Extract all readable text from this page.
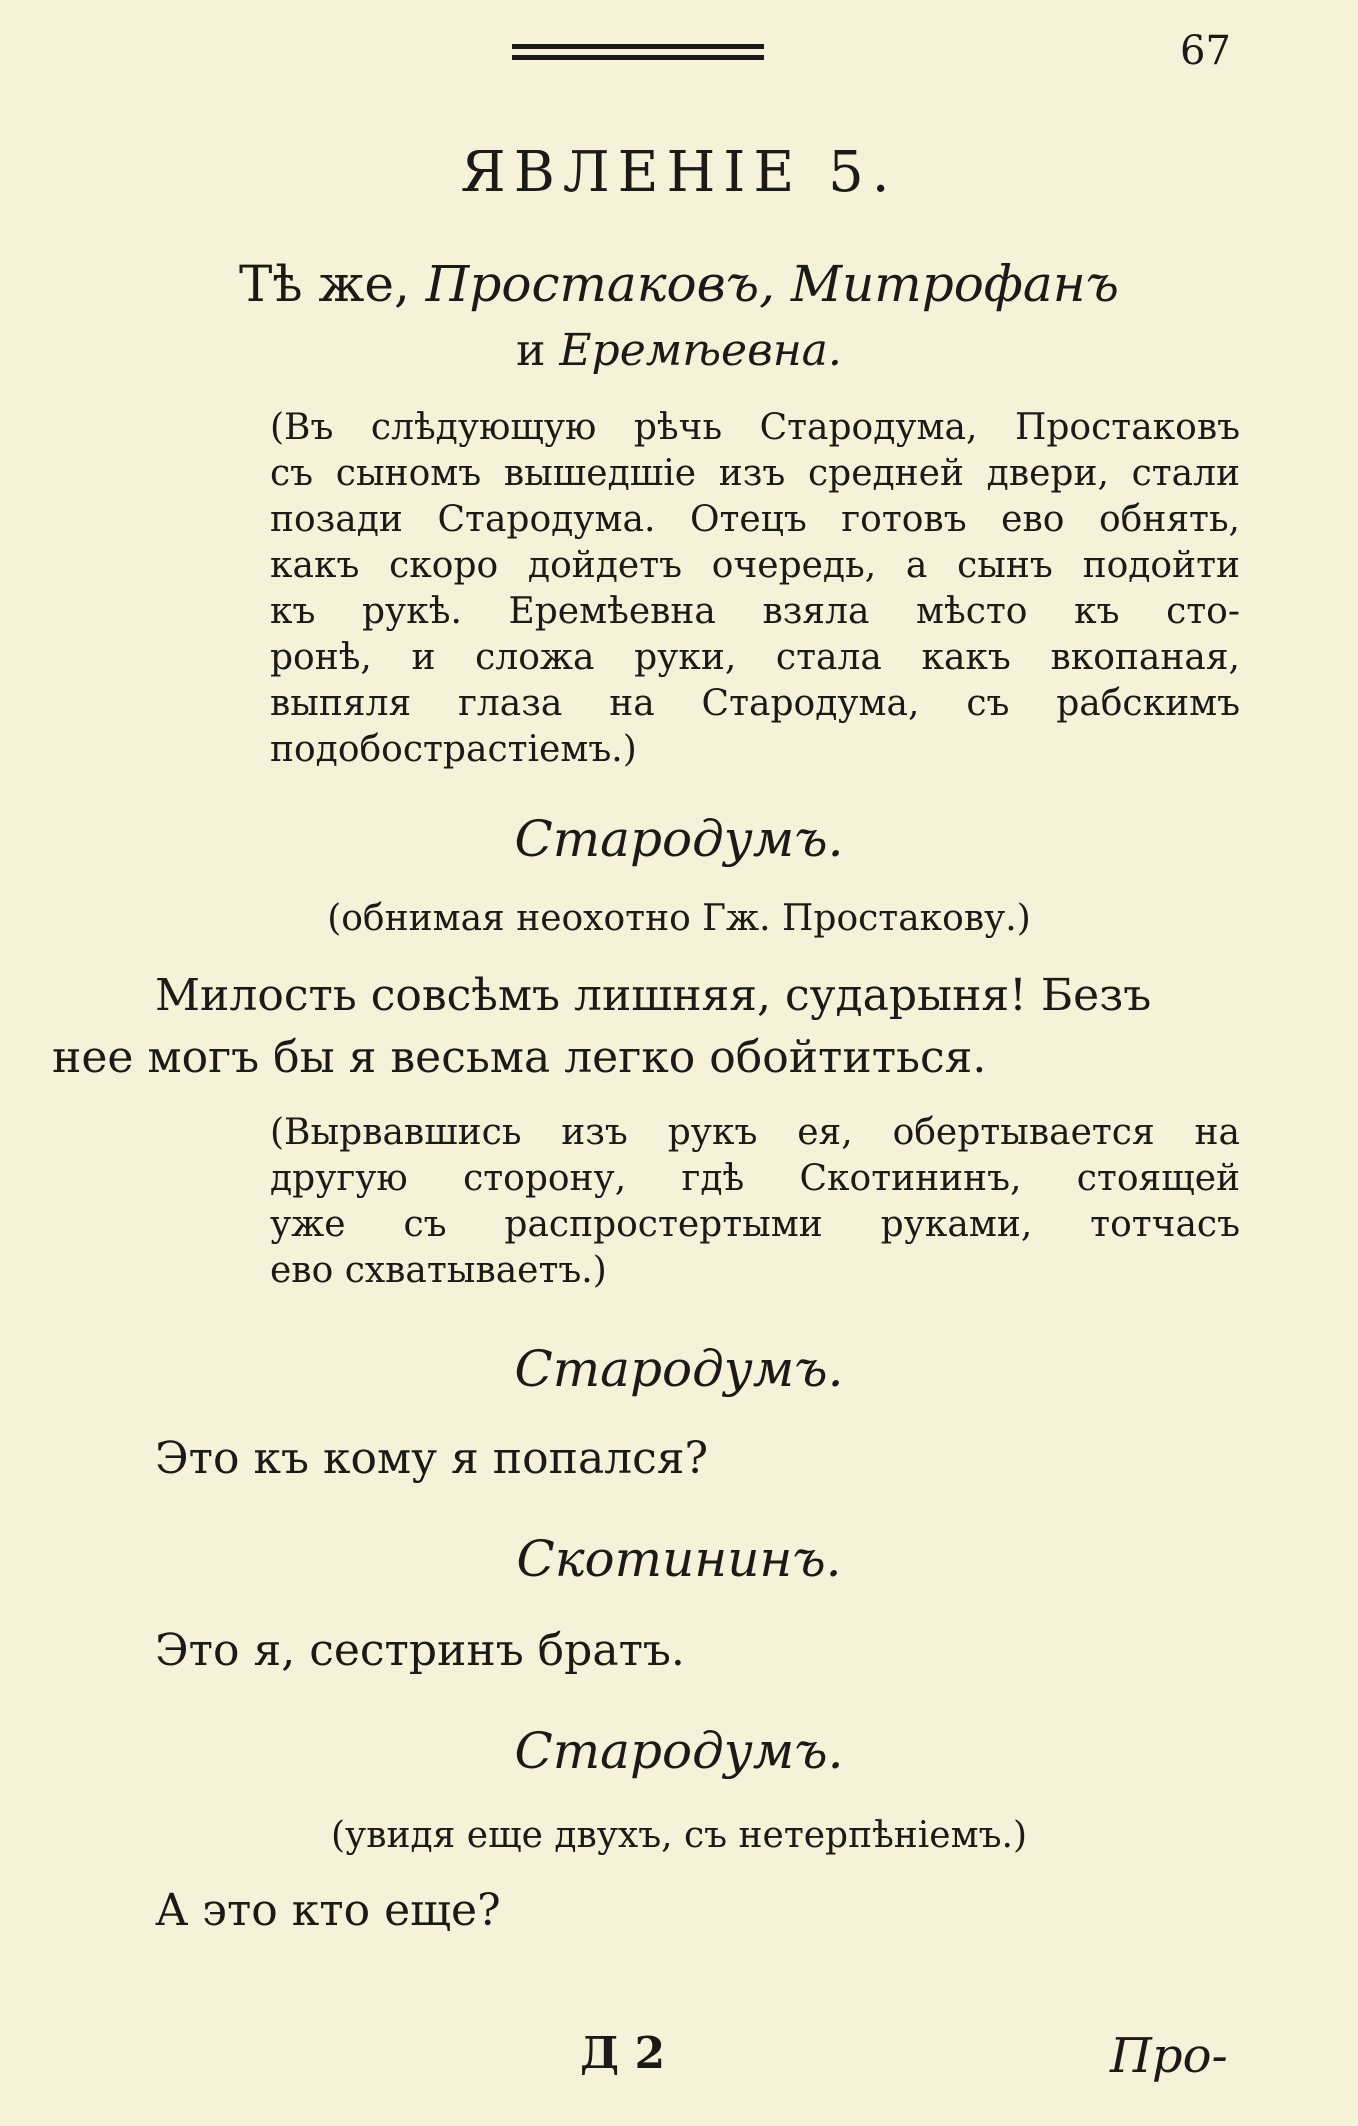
67
ЯВЛЕНІЕ 5.
Тѣ же, Простаковъ, Митрофанъ
и Еремѣевна.
(Въ слѣдующую рѣчь Стародума, Простаковъ
съ сыномъ вышедшіе изъ средней двери, стали
позади Стародума. Отецъ готовъ ево обнять,
какъ скоро дойдетъ очередь, а сынъ подойти
къ рукѣ. Еремѣевна взяла мѣсто къ сто-
ронѣ, и сложа руки, стала какъ вкопаная,
выпяля глаза на Стародума, съ рабскимъ
подобострастіемъ.)
Стародумъ.
(обнимая неохотно Гж. Простакову.)
Милость совсѣмъ лишняя, сударыня! Безъ
нее могъ бы я весьма легко обойтиться.
(Вырвавшись изъ рукъ ея, обертывается на
другую сторону, гдѣ Скотининъ, стоящей
уже съ распростертыми руками, тотчасъ
ево схватываетъ.)
Стародумъ.
Это къ кому я попался?
Скотининъ.
Это я, сестринъ братъ.
Стародумъ.
(увидя еще двухъ, съ нетерпѣніемъ.)
А это кто еще?
Д 2	Про-
